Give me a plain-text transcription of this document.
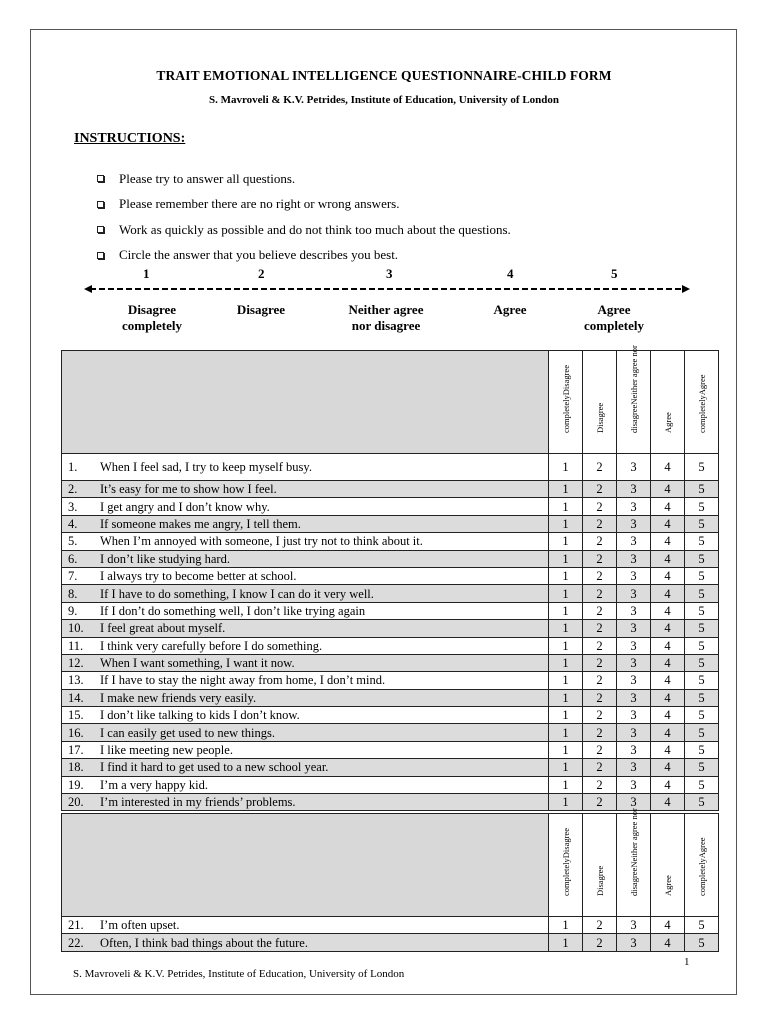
TRAIT EMOTIONAL INTELLIGENCE QUESTIONNAIRE-CHILD FORM
S. Mavroveli & K.V. Petrides, Institute of Education, University of London
INSTRUCTIONS:
Please try to answer all questions.
Please remember there are no right or wrong answers.
Work as quickly as possible and do not think too much about the questions.
Circle the answer that you believe describes you best.
1	2	3	4	5
Disagree
completely
Disagree	Neither agree
nor disagree
Agree	Agree
completely

	completelyDisagree	Disagree	disagreeNeither agree nor	Agree	completelyAgree

1. When I feel sad, I try to keep myself busy.	1	2	3	4	5
2. It’s easy for me to show how I feel.	1	2	3	4	5
3. I get angry and I don’t know why.	1	2	3	4	5
4. If someone makes me angry, I tell them.	1	2	3	4	5
5. When I’m annoyed with someone, I just try not to think about it.	1	2	3	4	5
6. I don’t like studying hard.	1	2	3	4	5
7. I always try to become better at school.	1	2	3	4	5
8. If I have to do something, I know I can do it very well.	1	2	3	4	5
9. If I don’t do something well, I don’t like trying again	1	2	3	4	5
10. I feel great about myself.	1	2	3	4	5
11. I think very carefully before I do something.	1	2	3	4	5
12. When I want something, I want it now.	1	2	3	4	5
13. If I have to stay the night away from home, I don’t mind.	1	2	3	4	5
14. I make new friends very easily.	1	2	3	4	5
15. I don’t like talking to kids I don’t know.	1	2	3	4	5
16. I can easily get used to new things.	1	2	3	4	5
17. I like meeting new people.	1	2	3	4	5
18. I find it hard to get used to a new school year.	1	2	3	4	5
19. I’m a very happy kid.	1	2	3	4	5
20. I’m interested in my friends’ problems.	1	2	3	4	5

	completelyDisagree	Disagree	disagreeNeither agree nor	Agree	completelyAgree

21. I’m often upset.	1	2	3	4	5
22. Often, I think bad things about the future.	1	2	3	4	5
1
S. Mavroveli & K.V. Petrides, Institute of Education, University of London
